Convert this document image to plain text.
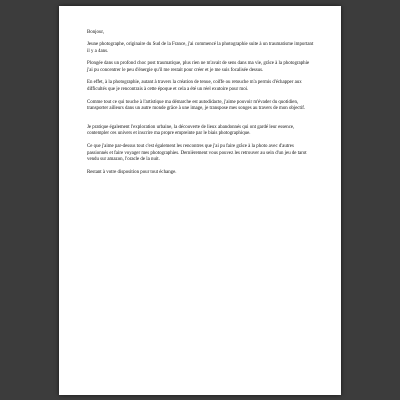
Bonjour,

Jeune photographe, originaire du Sud de la France, j'ai commencé la photographie suite à un traumatisme important il y a 4ans.

Plongée dans un profond choc post traumatique, plus rien ne m'avait de sens dans ma vie, grâce à la photographie j'ai pu concentrer le peu d'énergie qu'il me restait pour créer et je me suis focalisée dessus.

En effet, à la photographie, autant à travers la création de tenue, coiffe ou retouche m'a permis d'échapper aux difficultés que je rencontrais à cette époque et cela a été un réel exutoire pour moi.

Comme tout ce qui touche à l'artistique ma démarche est autodidacte, j'aime pouvoir m'évader du quotidien, transporter ailleurs dans un autre monde grâce à une image, je transpose mes songes au travers de mon objectif.

Je pratique également l'exploration urbaine, la découverte de lieux abandonnés qui ont gardé leur essence, contempler ces univers et inscrire ma propre empreinte par le biais photographique.

Ce que j'aime par-dessus tout c'est également les rencontres que j'ai pu faire grâce à la photo avec d'autres passionnés et faire voyager mes photographies. Dernièrement vous pouvez les retrouver au sein d'un jeu de tarot vendu sur amazon, l'oracle de la nuit.

Restant à votre disposition pour tout échange.
